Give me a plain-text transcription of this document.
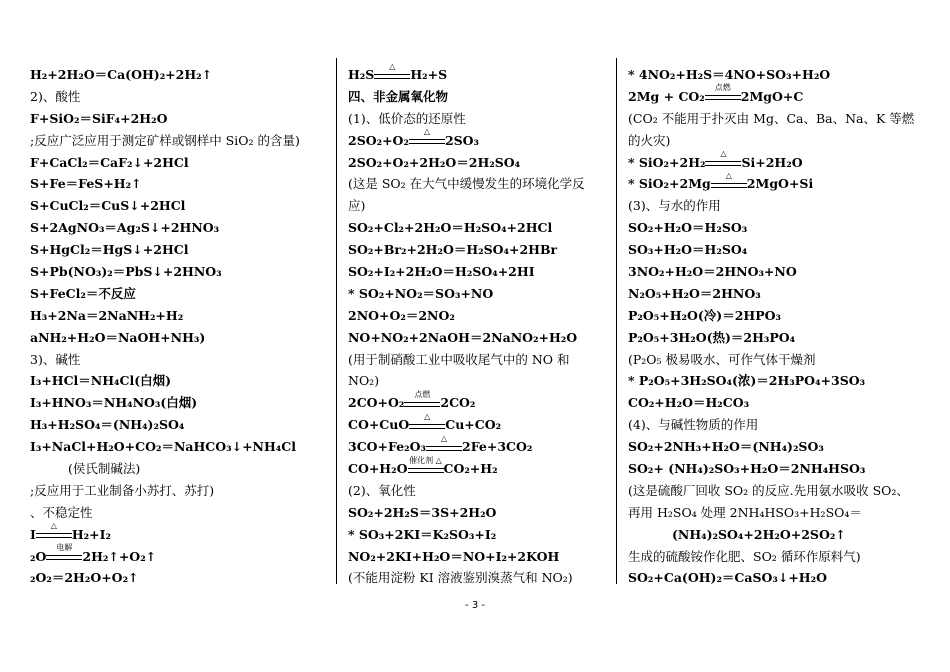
H₂+2H₂O＝Ca(OH)₂+2H₂↑
2)、酸性
F+SiO₂＝SiF₄+2H₂O
;反应广泛应用于测定矿样或钢样中 SiO₂ 的含量)
F+CaCl₂＝CaF₂↓+2HCl
S+Fe＝FeS+H₂↑
S+CuCl₂＝CuS↓+2HCl
S+2AgNO₃＝Ag₂S↓+2HNO₃
S+HgCl₂＝HgS↓+2HCl
S+Pb(NO₃)₂＝PbS↓+2HNO₃
S+FeCl₂＝不反应
H₃+2Na＝2NaNH₂+H₂
aNH₂+H₂O＝NaOH+NH₃)
3)、碱性
I₃+HCl＝NH₄Cl(白烟)
I₃+HNO₃＝NH₄NO₃(白烟)
H₃+H₂SO₄＝(NH₄)₂SO₄
I₃+NaCl+H₂O+CO₂＝NaHCO₃↓+NH₄Cl
(侯氏制碱法)
;反应用于工业制备小苏打、苏打)
、不稳定性
I
△
H₂+I₂
₂O
电解
2H₂↑+O₂↑
₂O₂＝2H₂O+O₂↑
H₂S
△
H₂+S
四、非金属氧化物
(1)、低价态的还原性
2SO₂+O₂
△
2SO₃
2SO₂+O₂+2H₂O＝2H₂SO₄
(这是 SO₂ 在大气中缓慢发生的环境化学反
应)
SO₂+Cl₂+2H₂O＝H₂SO₄+2HCl
SO₂+Br₂+2H₂O＝H₂SO₄+2HBr
SO₂+I₂+2H₂O＝H₂SO₄+2HI
* SO₂+NO₂＝SO₃+NO
2NO+O₂＝2NO₂
NO+NO₂+2NaOH＝2NaNO₂+H₂O
(用于制硝酸工业中吸收尾气中的 NO 和
NO₂)
2CO+O₂
点燃
2CO₂
CO+CuO
△
Cu+CO₂
3CO+Fe₂O₃
△
2Fe+3CO₂
CO+H₂O
催化剂 △
CO₂+H₂
(2)、氧化性
SO₂+2H₂S＝3S+2H₂O
* SO₃+2KI＝K₂SO₃+I₂
NO₂+2KI+H₂O＝NO+I₂+2KOH
(不能用淀粉 KI 溶液鉴别溴蒸气和 NO₂)
* 4NO₂+H₂S＝4NO+SO₃+H₂O
2Mg + CO₂
点燃
2MgO+C
(CO₂ 不能用于扑灭由 Mg、Ca、Ba、Na、K 等燃
的火灾)
* SiO₂+2H₂
△
Si+2H₂O
* SiO₂+2Mg
△
2MgO+Si
(3)、与水的作用
SO₂+H₂O＝H₂SO₃
SO₃+H₂O＝H₂SO₄
3NO₂+H₂O＝2HNO₃+NO
N₂O₅+H₂O＝2HNO₃
P₂O₅+H₂O(冷)＝2HPO₃
P₂O₅+3H₂O(热)＝2H₃PO₄
(P₂O₅ 极易吸水、可作气体干燥剂
* P₂O₅+3H₂SO₄(浓)＝2H₃PO₄+3SO₃
CO₂+H₂O＝H₂CO₃
(4)、与碱性物质的作用
SO₂+2NH₃+H₂O＝(NH₄)₂SO₃
SO₂+ (NH₄)₂SO₃+H₂O＝2NH₄HSO₃
(这是硫酸厂回收 SO₂ 的反应.先用氨水吸收 SO₂、
再用 H₂SO₄ 处理 2NH₄HSO₃+H₂SO₄＝
(NH₄)₂SO₄+2H₂O+2SO₂↑
生成的硫酸铵作化肥、SO₂ 循环作原料气)
SO₂+Ca(OH)₂＝CaSO₃↓+H₂O
- 3 -
